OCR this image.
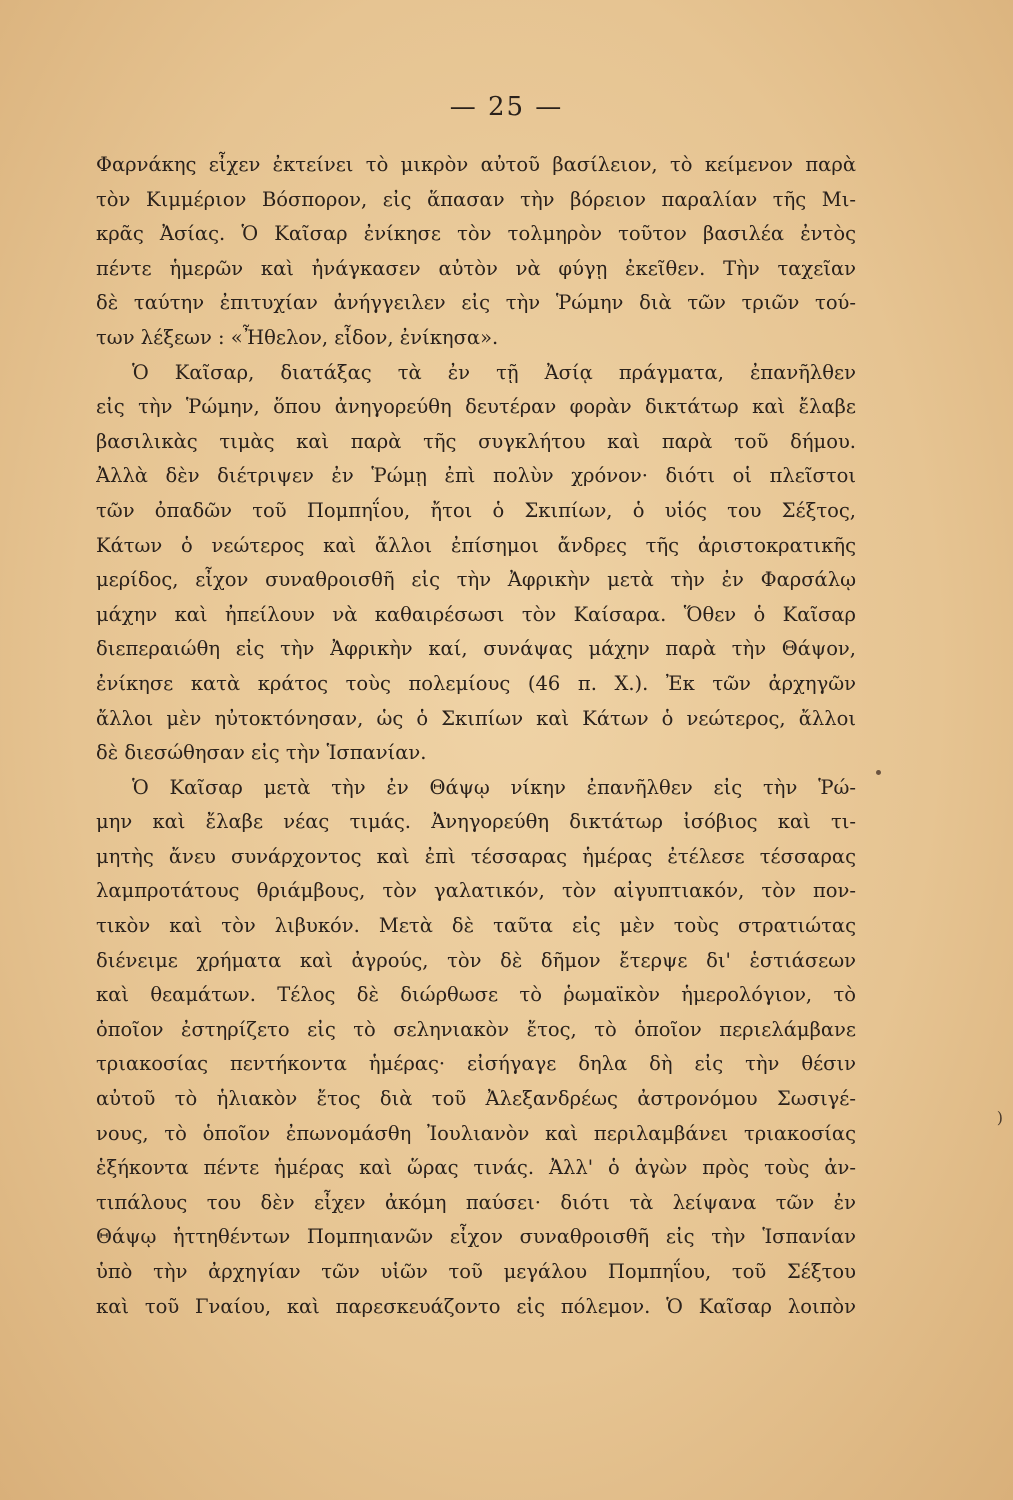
— 25 —
Φαρνάκης εἶχεν ἐκτείνει τὸ μικρὸν αὐτοῦ βασίλειον, τὸ κείμενον παρὰ
τὸν Κιμμέριον Βόσπορον, εἰς ἅπασαν τὴν βόρειον παραλίαν τῆς Μι-
κρᾶς Ἀσίας. Ὁ Καῖσαρ ἐνίκησε τὸν τολμηρὸν τοῦτον βασιλέα ἐντὸς
πέντε ἡμερῶν καὶ ἠνάγκασεν αὐτὸν νὰ φύγῃ ἐκεῖθεν. Τὴν ταχεῖαν
δὲ ταύτην ἐπιτυχίαν ἀνήγγειλεν εἰς τὴν Ῥώμην διὰ τῶν τριῶν τού-
των λέξεων : «Ἦθελον, εἶδον, ἐνίκησα».
Ὁ Καῖσαρ, διατάξας τὰ ἐν τῇ Ἀσίᾳ πράγματα, ἐπανῆλθεν
εἰς τὴν Ῥώμην, ὅπου ἀνηγορεύθη δευτέραν φορὰν δικτάτωρ καὶ ἔλαβε
βασιλικὰς τιμὰς καὶ παρὰ τῆς συγκλήτου καὶ παρὰ τοῦ δήμου.
Ἀλλὰ δὲν διέτριψεν ἐν Ῥώμῃ ἐπὶ πολὺν χρόνον· διότι οἱ πλεῖστοι
τῶν ὀπαδῶν τοῦ Πομπηΐου, ἤτοι ὁ Σκιπίων, ὁ υἱός του Σέξτος,
Κάτων ὁ νεώτερος καὶ ἄλλοι ἐπίσημοι ἄνδρες τῆς ἀριστοκρατικῆς
μερίδος, εἶχον συναθροισθῆ εἰς τὴν Ἀφρικὴν μετὰ τὴν ἐν Φαρσάλῳ
μάχην καὶ ἠπείλουν νὰ καθαιρέσωσι τὸν Καίσαρα. Ὅθεν ὁ Καῖσαρ
διεπεραιώθη εἰς τὴν Ἀφρικὴν καί, συνάψας μάχην παρὰ τὴν Θάψον,
ἐνίκησε κατὰ κράτος τοὺς πολεμίους (46 π. Χ.). Ἐκ τῶν ἀρχηγῶν
ἄλλοι μὲν ηὐτοκτόνησαν, ὡς ὁ Σκιπίων καὶ Κάτων ὁ νεώτερος, ἄλλοι
δὲ διεσώθησαν εἰς τὴν Ἱσπανίαν.
Ὁ Καῖσαρ μετὰ τὴν ἐν Θάψῳ νίκην ἐπανῆλθεν εἰς τὴν Ῥώ-
μην καὶ ἔλαβε νέας τιμάς. Ἀνηγορεύθη δικτάτωρ ἰσόβιος καὶ τι-
μητὴς ἄνευ συνάρχοντος καὶ ἐπὶ τέσσαρας ἡμέρας ἐτέλεσε τέσσαρας
λαμπροτάτους θριάμβους, τὸν γαλατικόν, τὸν αἰγυπτιακόν, τὸν πον-
τικὸν καὶ τὸν λιβυκόν. Μετὰ δὲ ταῦτα εἰς μὲν τοὺς στρατιώτας
διένειμε χρήματα καὶ ἀγρούς, τὸν δὲ δῆμον ἔτερψε δι' ἑστιάσεων
καὶ θεαμάτων. Τέλος δὲ διώρθωσε τὸ ῥωμαϊκὸν ἡμερολόγιον, τὸ
ὁποῖον ἐστηρίζετο εἰς τὸ σεληνιακὸν ἔτος, τὸ ὁποῖον περιελάμβανε
τριακοσίας πεντήκοντα ἡμέρας· εἰσήγαγε δηλα δὴ εἰς τὴν θέσιν
αὐτοῦ τὸ ἡλιακὸν ἔτος διὰ τοῦ Ἀλεξανδρέως ἀστρονόμου Σωσιγέ-
νους, τὸ ὁποῖον ἐπωνομάσθη Ἰουλιανὸν καὶ περιλαμβάνει τριακοσίας
ἑξήκοντα πέντε ἡμέρας καὶ ὥρας τινάς. Ἀλλ' ὁ ἀγὼν πρὸς τοὺς ἀν-
τιπάλους του δὲν εἶχεν ἀκόμη παύσει· διότι τὰ λείψανα τῶν ἐν
Θάψῳ ἡττηθέντων Πομπηιανῶν εἶχον συναθροισθῆ εἰς τὴν Ἱσπανίαν
ὑπὸ τὴν ἀρχηγίαν τῶν υἱῶν τοῦ μεγάλου Πομπηΐου, τοῦ Σέξτου
καὶ τοῦ Γναίου, καὶ παρεσκευάζοντο εἰς πόλεμον. Ὁ Καῖσαρ λοιπὸν
)
